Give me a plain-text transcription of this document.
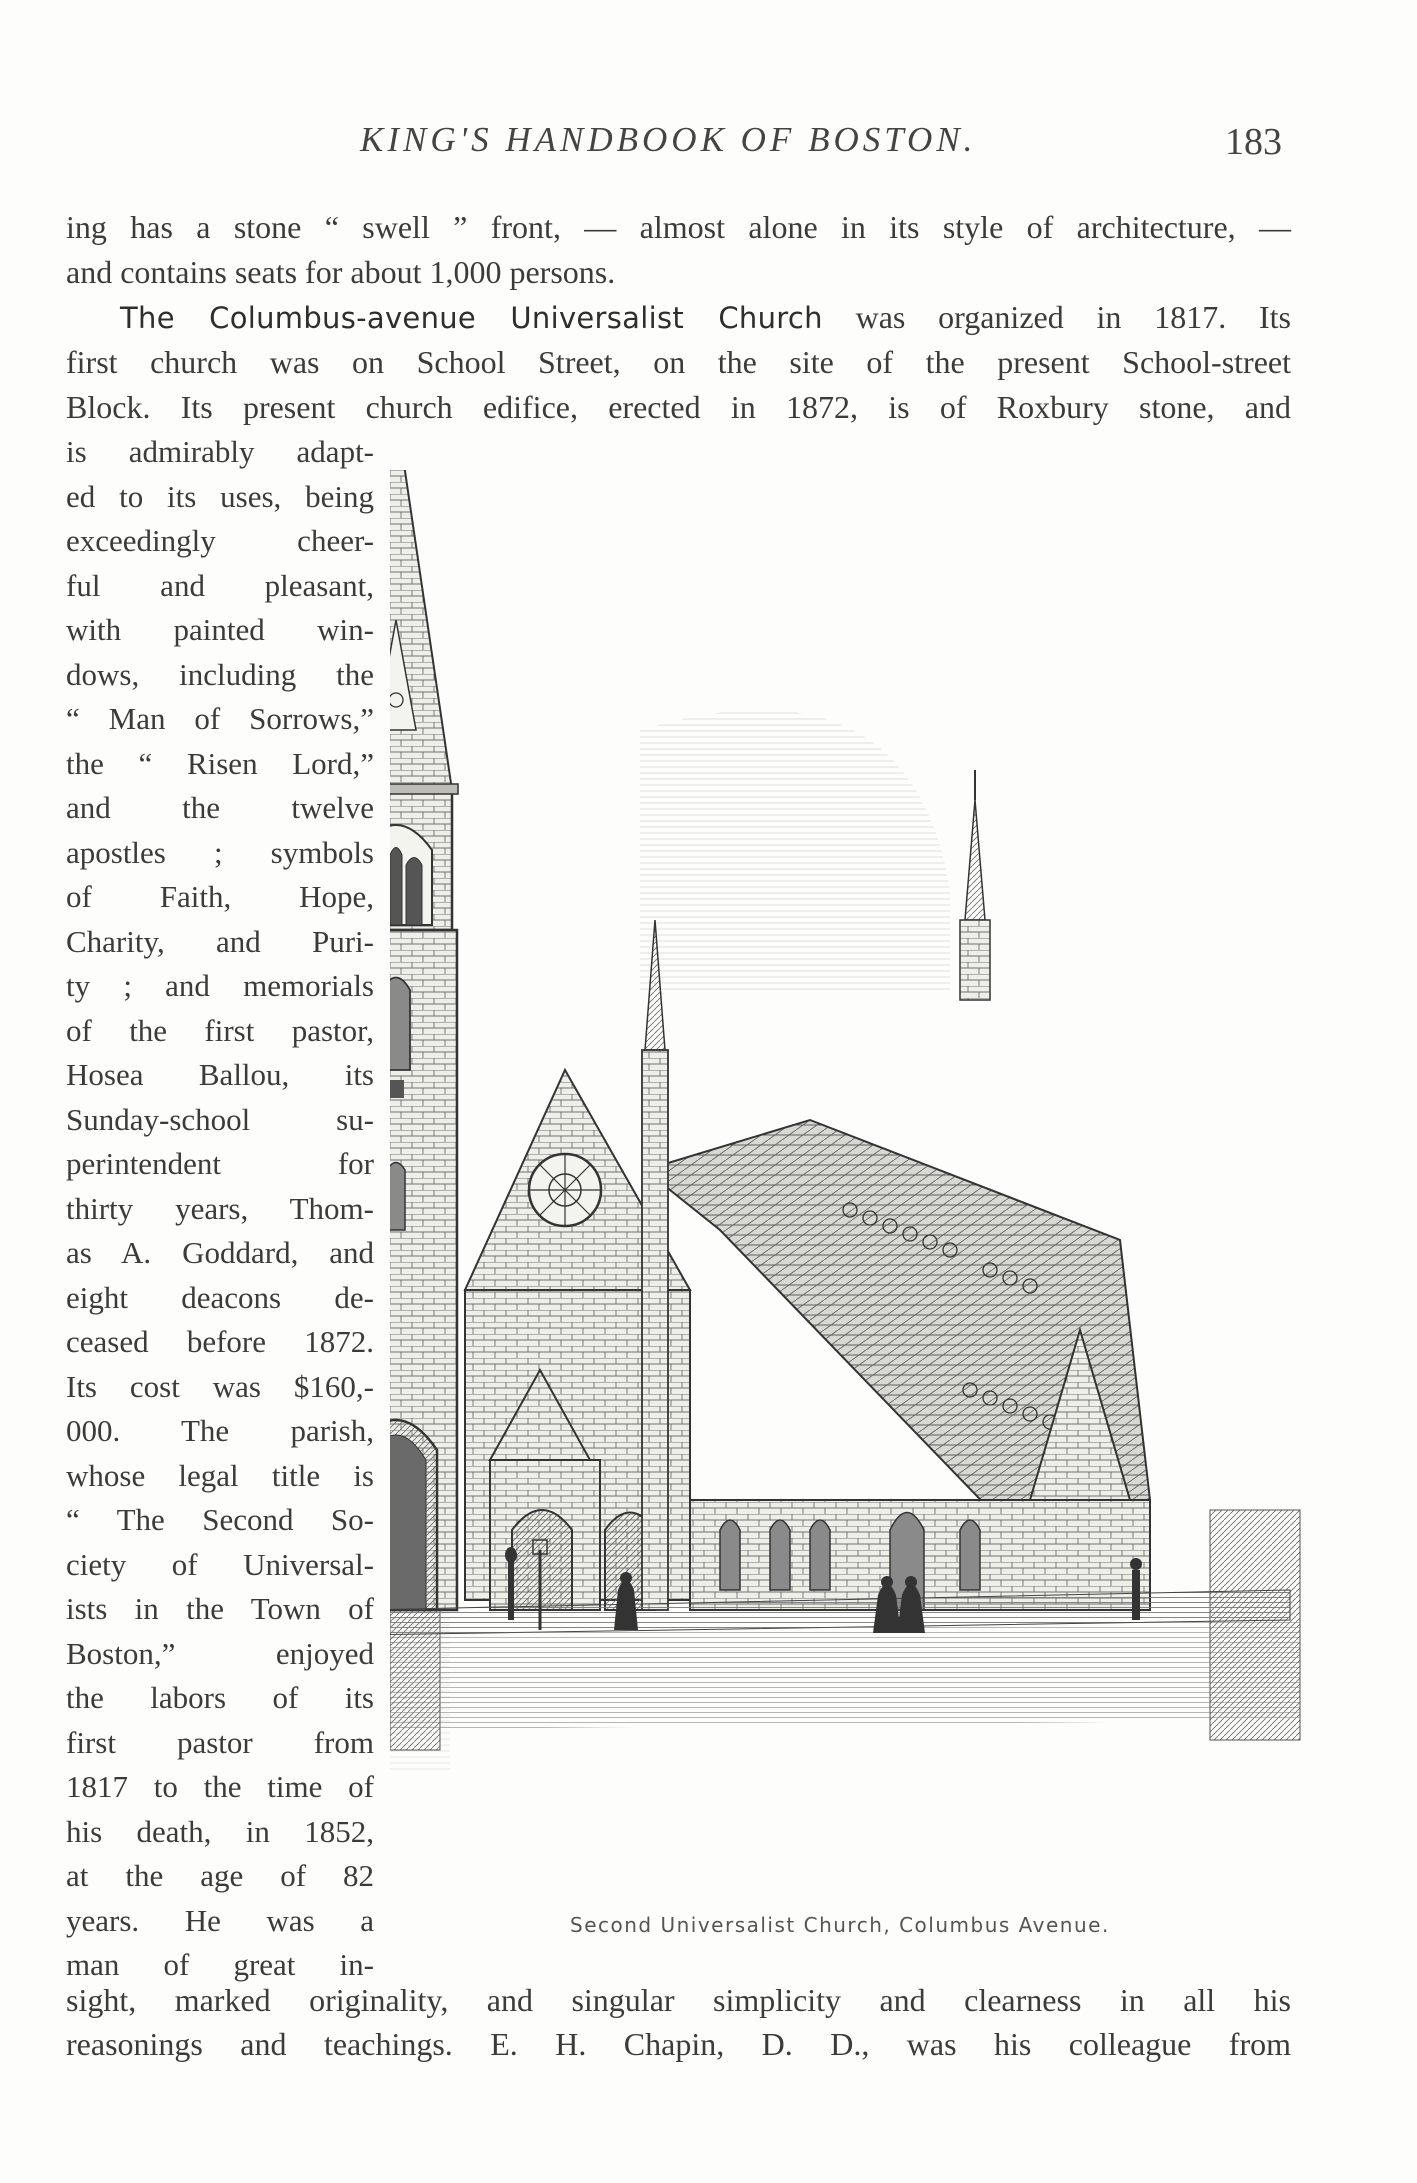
KING'S HANDBOOK OF BOSTON.	183
ing has a stone “ swell ” front, — almost alone in its style of architecture, —
and contains seats for about 1,000 persons.
The Columbus-avenue Universalist Church was organized in 1817. Its
first church was on School Street, on the site of the present School-street
Block. Its present church edifice, erected in 1872, is of Roxbury stone, and
is admirably adapt-
ed to its uses, being
exceedingly cheer-
ful and pleasant,
with painted win-
dows, including the
“ Man of Sorrows,”
the “ Risen Lord,”
and the twelve
apostles ; symbols
of Faith, Hope,
Charity, and Puri-
ty ; and memorials
of the first pastor,
Hosea Ballou, its
Sunday-school su-
perintendent for
thirty years, Thom-
as A. Goddard, and
eight deacons de-
ceased before 1872.
Its cost was $160,-
000. The parish,
whose legal title is
“ The Second So-
ciety of Universal-
ists in the Town of
Boston,” enjoyed
the labors of its
first pastor from
1817 to the time of
his death, in 1852,
at the age of 82
years. He was a
man of great in-
sight, marked originality, and singular simplicity and clearness in all his
reasonings and teachings. E. H. Chapin, D. D., was his colleague from
Second Universalist Church, Columbus Avenue.
